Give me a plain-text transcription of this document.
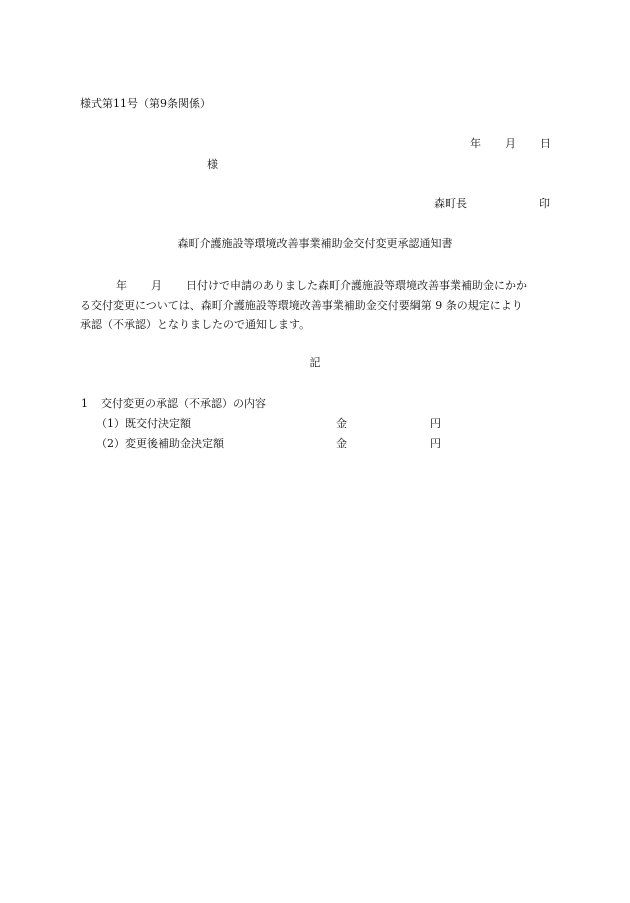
様式第11号（第9条関係）
年 月 日
様
森町長	印
森町介護施設等環境改善事業補助金交付変更承認通知書
年 月 日付けで申請のありました森町介護施設等環境改善事業補助金にかか
る交付変更については、森町介護施設等環境改善事業補助金交付要綱第 9 条の規定により
承認（不承認）となりましたので通知します。
記
1 交付変更の承認（不承認）の内容
（1）既交付決定額	金	円
（2）変更後補助金決定額	金	円
